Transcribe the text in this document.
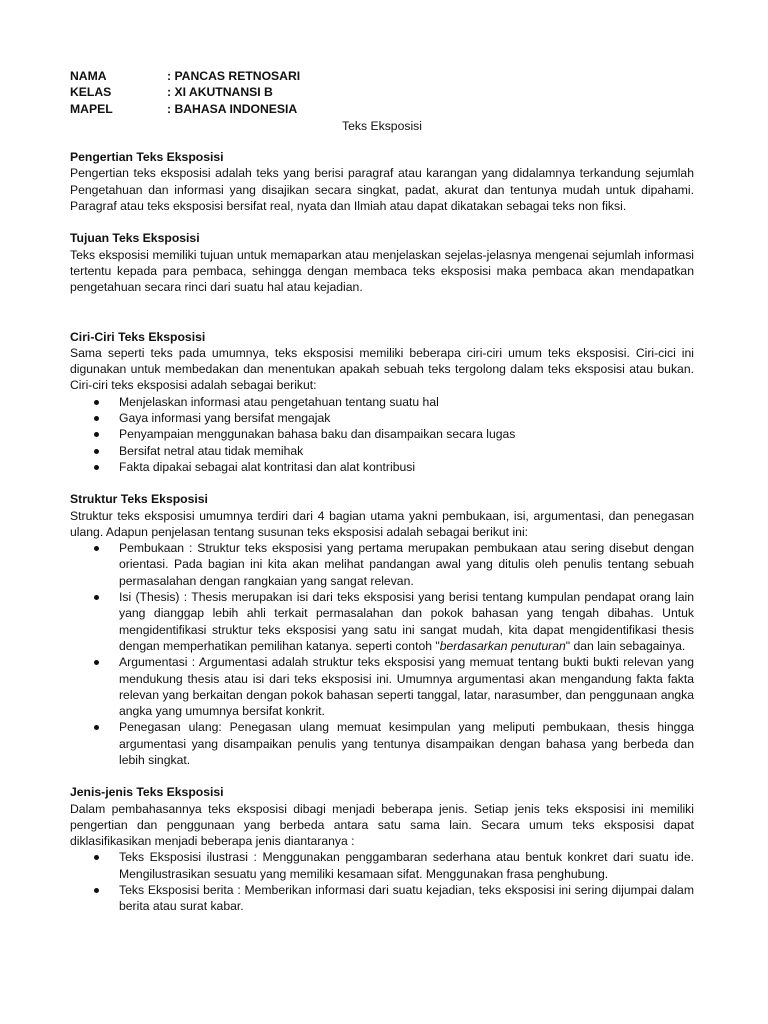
NAMA	: PANCAS RETNOSARI
KELAS	: XI AKUTNANSI B
MAPEL	: BAHASA INDONESIA
Teks Eksposisi

Pengertian Teks Eksposisi

Pengertian teks eksposisi adalah teks yang berisi paragraf atau karangan yang didalamnya terkandung sejumlah Pengetahuan dan informasi yang disajikan secara singkat, padat, akurat dan tentunya mudah untuk dipahami. Paragraf atau teks eksposisi bersifat real, nyata dan Ilmiah atau dapat dikatakan sebagai teks non fiksi.

Tujuan Teks Eksposisi

Teks eksposisi memiliki tujuan untuk memaparkan atau menjelaskan sejelas-jelasnya mengenai sejumlah informasi tertentu kepada para pembaca, sehingga dengan membaca teks eksposisi maka pembaca akan mendapatkan pengetahuan secara rinci dari suatu hal atau kejadian.

Ciri-Ciri Teks Eksposisi

Sama seperti teks pada umumnya, teks eksposisi memiliki beberapa ciri-ciri umum teks eksposisi. Ciri-cici ini digunakan untuk membedakan dan menentukan apakah sebuah teks tergolong dalam teks eksposisi atau bukan. Ciri-ciri teks eksposisi adalah sebagai berikut:

Menjelaskan informasi atau pengetahuan tentang suatu hal
Gaya informasi yang bersifat mengajak
Penyampaian menggunakan bahasa baku dan disampaikan secara lugas
Bersifat netral atau tidak memihak
Fakta dipakai sebagai alat kontritasi dan alat kontribusi

Struktur Teks Eksposisi

Struktur teks eksposisi umumnya terdiri dari 4 bagian utama yakni pembukaan, isi, argumentasi, dan penegasan ulang. Adapun penjelasan tentang susunan teks eksposisi adalah sebagai berikut ini:

Pembukaan : Struktur teks eksposisi yang pertama merupakan pembukaan atau sering disebut dengan orientasi. Pada bagian ini kita akan melihat pandangan awal yang ditulis oleh penulis tentang sebuah permasalahan dengan rangkaian yang sangat relevan.
Isi (Thesis) : Thesis merupakan isi dari teks eksposisi yang berisi tentang kumpulan pendapat orang lain yang dianggap lebih ahli terkait permasalahan dan pokok bahasan yang tengah dibahas. Untuk mengidentifikasi struktur teks eksposisi yang satu ini sangat mudah, kita dapat mengidentifikasi thesis dengan memperhatikan pemilihan katanya. seperti contoh "berdasarkan penuturan" dan lain sebagainya.
Argumentasi : Argumentasi adalah struktur teks eksposisi yang memuat tentang bukti bukti relevan yang mendukung thesis atau isi dari teks eksposisi ini. Umumnya argumentasi akan mengandung fakta fakta relevan yang berkaitan dengan pokok bahasan seperti tanggal, latar, narasumber, dan penggunaan angka angka yang umumnya bersifat konkrit.
Penegasan ulang: Penegasan ulang memuat kesimpulan yang meliputi pembukaan, thesis hingga argumentasi yang disampaikan penulis yang tentunya disampaikan dengan bahasa yang berbeda dan lebih singkat.

Jenis-jenis Teks Eksposisi

Dalam pembahasannya teks eksposisi dibagi menjadi beberapa jenis. Setiap jenis teks eksposisi ini memiliki pengertian dan penggunaan yang berbeda antara satu sama lain. Secara umum teks eksposisi dapat diklasifikasikan menjadi beberapa jenis diantaranya :

Teks Eksposisi ilustrasi : Menggunakan penggambaran sederhana atau bentuk konkret dari suatu ide. Mengilustrasikan sesuatu yang memiliki kesamaan sifat. Menggunakan frasa penghubung.
Teks Eksposisi berita : Memberikan informasi dari suatu kejadian, teks eksposisi ini sering dijumpai dalam berita atau surat kabar.
